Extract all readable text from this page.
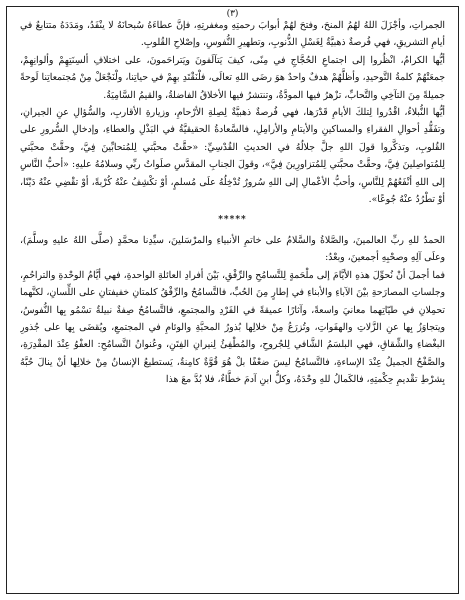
(٣)

الجمراتِ، وأجْزَلَ اللهُ لهُمُ المنحَ، وفتحَ لهُمْ أبوابَ رحمتِهِ ومغفرتِهِ، فإنَّ عطاءَهُ سُبحانَهُ لا ينْفَدُ، ومَدَدَهُ متتابعٌ في أيامِ التشريقِ، فهي فُرصةٌ ذهبيَّةٌ لِغَسْلِ الذُّنوبِ، وتطهيرِ النُّفوسِ، وإصْلاحِ القُلوبِ.

أيُّها الكرامُ، انْظُروا إلى اجتماعِ الحُجَّاجِ في مِنًى، كيفَ يَتآلَفونَ ويَتراحَمونَ، على اختلافِ ألسِنَتِهِمْ وألوانِهِمْ، جمعَتْهُمْ كلمةُ التَّوحيدِ، وأظلَّهُمْ هدفٌ واحدٌ هوَ رضَى اللهِ تعالَى، فلْنَقْتَدِ بهِمْ في حياتِنا، ولْنَجْعَلْ مِنْ مُجتمعاتِنا لَوحةً جميلةً مِنَ التآخِي والتَّحابِّ، تزْهرُ فيها المودَّةُ، وتنتشرُ فيها الأخلاقُ الفاضلةُ، والقيمُ السَّامِيَةُ.

أيُّها النُّبلاءُ، اقْدُروا لِتلكَ الأيامِ قَدْرَها، فهي فُرصةٌ ذهبيَّةٌ لِصِلةِ الأرْحامِ، وزيارةِ الأقاربِ، والسُّؤالِ عنِ الجيرانِ، وتفَقُّدِ أحوالِ الفقراءِ والمساكينِ والأيتامِ والأرامِلِ، فالسَّعادةُ الحقيقيَّةُ في البَذْلِ والعطاءِ، وإدخالِ السُّرورِ على القُلوبِ، وتذكَّروا قولَ اللهِ جلَّ جلالُهُ في الحديثِ القُدْسِيِّ: «حقَّتْ محبَّتي لِلمُتحابِّينَ فِيَّ، وحقَّتْ محبَّتي لِلمُتواصِلينَ فِيَّ، وحقَّتْ محبَّتي لِلمُتزاورِينَ فِيَّ»، وقولَ الجنابِ المقدَّسِ صلَواتُ ربِّي وسلامُهُ عليهِ: «أحبُّ النَّاسِ إلى اللهِ أنْفَعُهُمْ لِلنَّاسِ، وأحبُّ الأعْمالِ إلى اللهِ سُرورٌ تُدْخِلُهُ علَى مُسلمٍ، أوْ تكْشِفُ عنْهُ كُرْبةً، أوْ تقْضِي عنْهُ دَيْنًا، أوْ تطْرُدُ عنْهُ جُوعًا».

*****

الحمدُ للهِ ربِّ العالمينَ، والصَّلاةُ والسَّلامُ على خاتمِ الأنبياءِ والمرْسَلينَ، سيِّدِنا محمَّدٍ (صلَّى اللهُ عليهِ وسلَّمَ)، وعلَى آلِهِ وصحْبِهِ أجمعينَ، وبعْدُ:

فما أجملَ أنْ نُحوِّلَ هذهِ الأيَّامَ إلى ملْحَمةٍ لِلتَّسامُحِ والرِّفْقِ، بَيْنَ أفرادِ العائلةِ الواحدةِ، فهي أيَّامُ الوحْدةِ والتراحُمِ، وجلساتِ المصارَحةِ بيْنَ الآباءِ والأبناءِ في إطارٍ مِنَ الحُبِّ، فالتَّسامُحُ والرِّفْقُ كلمتانِ خفيفتانِ على اللِّسانِ، لكنَّهما تحمِلانِ في طيّاتِهما معانيَ واسعةً، وآثارًا عميقةً في الفَرْدِ والمجتمعِ، فالتَّسامُحُ صِفةٌ نبيلةٌ تسْمُو بِها النُّفوسُ، ويتجاوَزُ بِها عنِ الزَّلاتِ والهفَواتِ، وتُزرَعُ مِنْ خلالِها بُذورُ المحبَّةِ والوئامِ في المجتمعِ، ويُقضَى بِها على جُذورِ البغْضاءِ والشِّقاقِ، فهي البلسَمُ الشَّافي لِلجُروحِ، والمُطْفِئُ لِنيرانِ الفِتَنِ، وعُنوانُ التَّسامُحِ: العفْوُ عِنْدَ المقْدِرَةِ، والصَّفْحُ الجميلُ عِنْدَ الإساءةِ، فالتَّسامُحُ ليسَ ضعْفًا بلْ هُوَ قُوَّةٌ كامِنةٌ، يَستطيعُ الإنسانُ مِنْ خلالِها أنْ ينالَ حُبَّهُ بِشرْطِ تقْديمِ حِكْمتِهِ، فالكَمالُ للهِ وحْدَهُ، وكلُّ ابنِ آدمَ خطَّاءٌ، فلا بُدَّ معَ هذا
